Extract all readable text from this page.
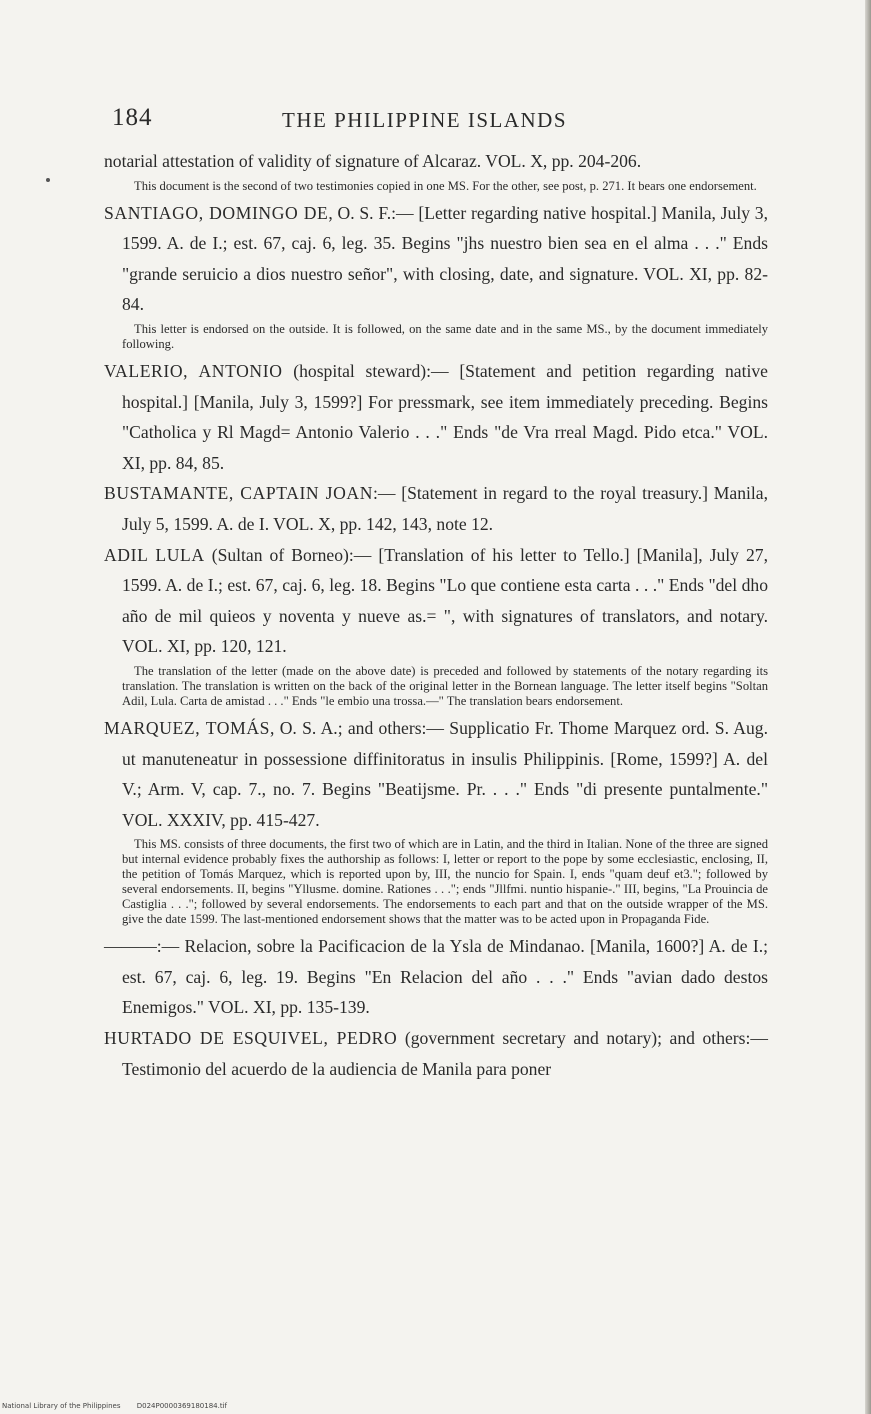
184	THE PHILIPPINE ISLANDS

notarial attestation of validity of signature of Alcaraz. VOL. X, pp. 204-206.

This document is the second of two testimonies copied in one MS. For the other, see post, p. 271. It bears one endorsement.

SANTIAGO, DOMINGO DE, O. S. F.:— [Letter regarding native hospital.] Manila, July 3, 1599. A. de I.; est. 67, caj. 6, leg. 35. Begins "jhs nuestro bien sea en el alma . . ." Ends "grande seruicio a dios nuestro señor", with closing, date, and signature. VOL. XI, pp. 82-84.

This letter is endorsed on the outside. It is followed, on the same date and in the same MS., by the document immediately following.

VALERIO, ANTONIO (hospital steward):— [Statement and petition regarding native hospital.] [Manila, July 3, 1599?] For pressmark, see item immediately preceding. Begins "Catholica y Rl Magd= Antonio Valerio . . ." Ends "de Vra rreal Magd. Pido etca." VOL. XI, pp. 84, 85.

BUSTAMANTE, CAPTAIN JOAN:— [Statement in regard to the royal treasury.] Manila, July 5, 1599. A. de I. VOL. X, pp. 142, 143, note 12.

ADIL LULA (Sultan of Borneo):— [Translation of his letter to Tello.] [Manila], July 27, 1599. A. de I.; est. 67, caj. 6, leg. 18. Begins "Lo que contiene esta carta . . ." Ends "del dho año de mil quieos y noventa y nueve as.= ", with signatures of translators, and notary. VOL. XI, pp. 120, 121.

The translation of the letter (made on the above date) is preceded and followed by statements of the notary regarding its translation. The translation is written on the back of the original letter in the Bornean language. The letter itself begins "Soltan Adil, Lula. Carta de amistad . . ." Ends "le embio una trossa.—" The translation bears endorsement.

MARQUEZ, TOMÁS, O. S. A.; and others:— Supplicatio Fr. Thome Marquez ord. S. Aug. ut manuteneatur in possessione diffinitoratus in insulis Philippinis. [Rome, 1599?] A. del V.; Arm. V, cap. 7., no. 7. Begins "Beatijsme. Pr. . . ." Ends "di presente puntalmente." VOL. XXXIV, pp. 415-427.

This MS. consists of three documents, the first two of which are in Latin, and the third in Italian. None of the three are signed but internal evidence probably fixes the authorship as follows: I, letter or report to the pope by some ecclesiastic, enclosing, II, the petition of Tomás Marquez, which is reported upon by, III, the nuncio for Spain. I, ends "quam deuf et3."; followed by several endorsements. II, begins "Yllusme. domine. Rationes . . ."; ends "Jllfmi. nuntio hispanie-." III, begins, "La Prouincia de Castiglia . . ."; followed by several endorsements. The endorsements to each part and that on the outside wrapper of the MS. give the date 1599. The last-mentioned endorsement shows that the matter was to be acted upon in Propaganda Fide.

———:— Relacion, sobre la Pacificacion de la Ysla de Mindanao. [Manila, 1600?] A. de I.; est. 67, caj. 6, leg. 19. Begins "En Relacion del año . . ." Ends "avian dado destos Enemigos." VOL. XI, pp. 135-139.

HURTADO DE ESQUIVEL, PEDRO (government secretary and notary); and others:— Testimonio del acuerdo de la audiencia de Manila para poner

National Library of the Philippines D024P0000369180184.tif
